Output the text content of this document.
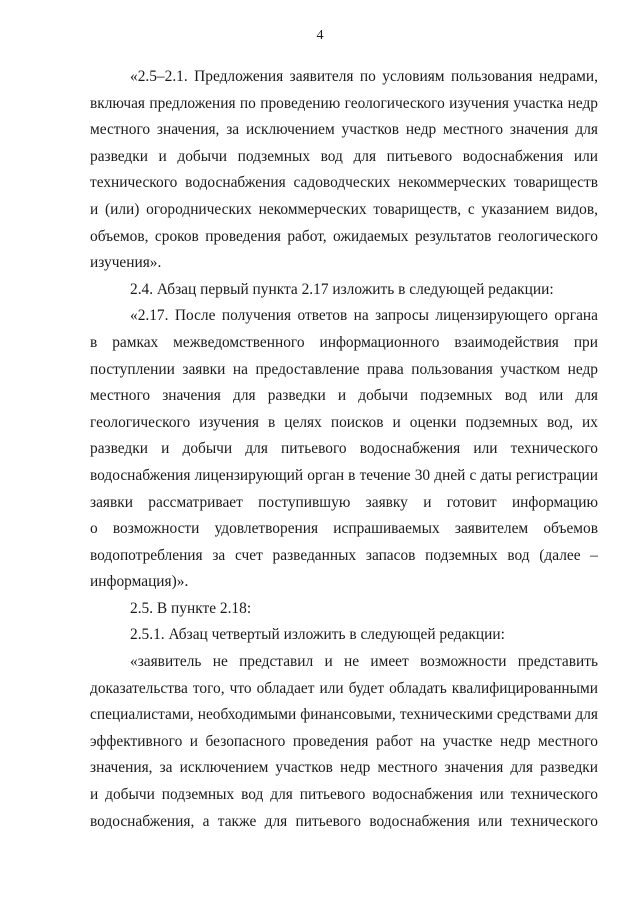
4
«2.5–2.1. Предложения заявителя по условиям пользования недрами,
включая предложения по проведению геологического изучения участка недр
местного значения, за исключением участков недр местного значения для
разведки и добычи подземных вод для питьевого водоснабжения или
технического водоснабжения садоводческих некоммерческих товариществ
и (или) огороднических некоммерческих товариществ, с указанием видов,
объемов, сроков проведения работ, ожидаемых результатов геологического
изучения».
2.4. Абзац первый пункта 2.17 изложить в следующей редакции:
«2.17. После получения ответов на запросы лицензирующего органа
в рамках межведомственного информационного взаимодействия при
поступлении заявки на предоставление права пользования участком недр
местного значения для разведки и добычи подземных вод или для
геологического изучения в целях поисков и оценки подземных вод, их
разведки и добычи для питьевого водоснабжения или технического
водоснабжения лицензирующий орган в течение 30 дней с даты регистрации
заявки рассматривает поступившую заявку и готовит информацию
о возможности удовлетворения испрашиваемых заявителем объемов
водопотребления за счет разведанных запасов подземных вод (далее –
информация)».
2.5. В пункте 2.18:
2.5.1. Абзац четвертый изложить в следующей редакции:
«заявитель не представил и не имеет возможности представить
доказательства того, что обладает или будет обладать квалифицированными
специалистами, необходимыми финансовыми, техническими средствами для
эффективного и безопасного проведения работ на участке недр местного
значения, за исключением участков недр местного значения для разведки
и добычи подземных вод для питьевого водоснабжения или технического
водоснабжения, а также для питьевого водоснабжения или технического
